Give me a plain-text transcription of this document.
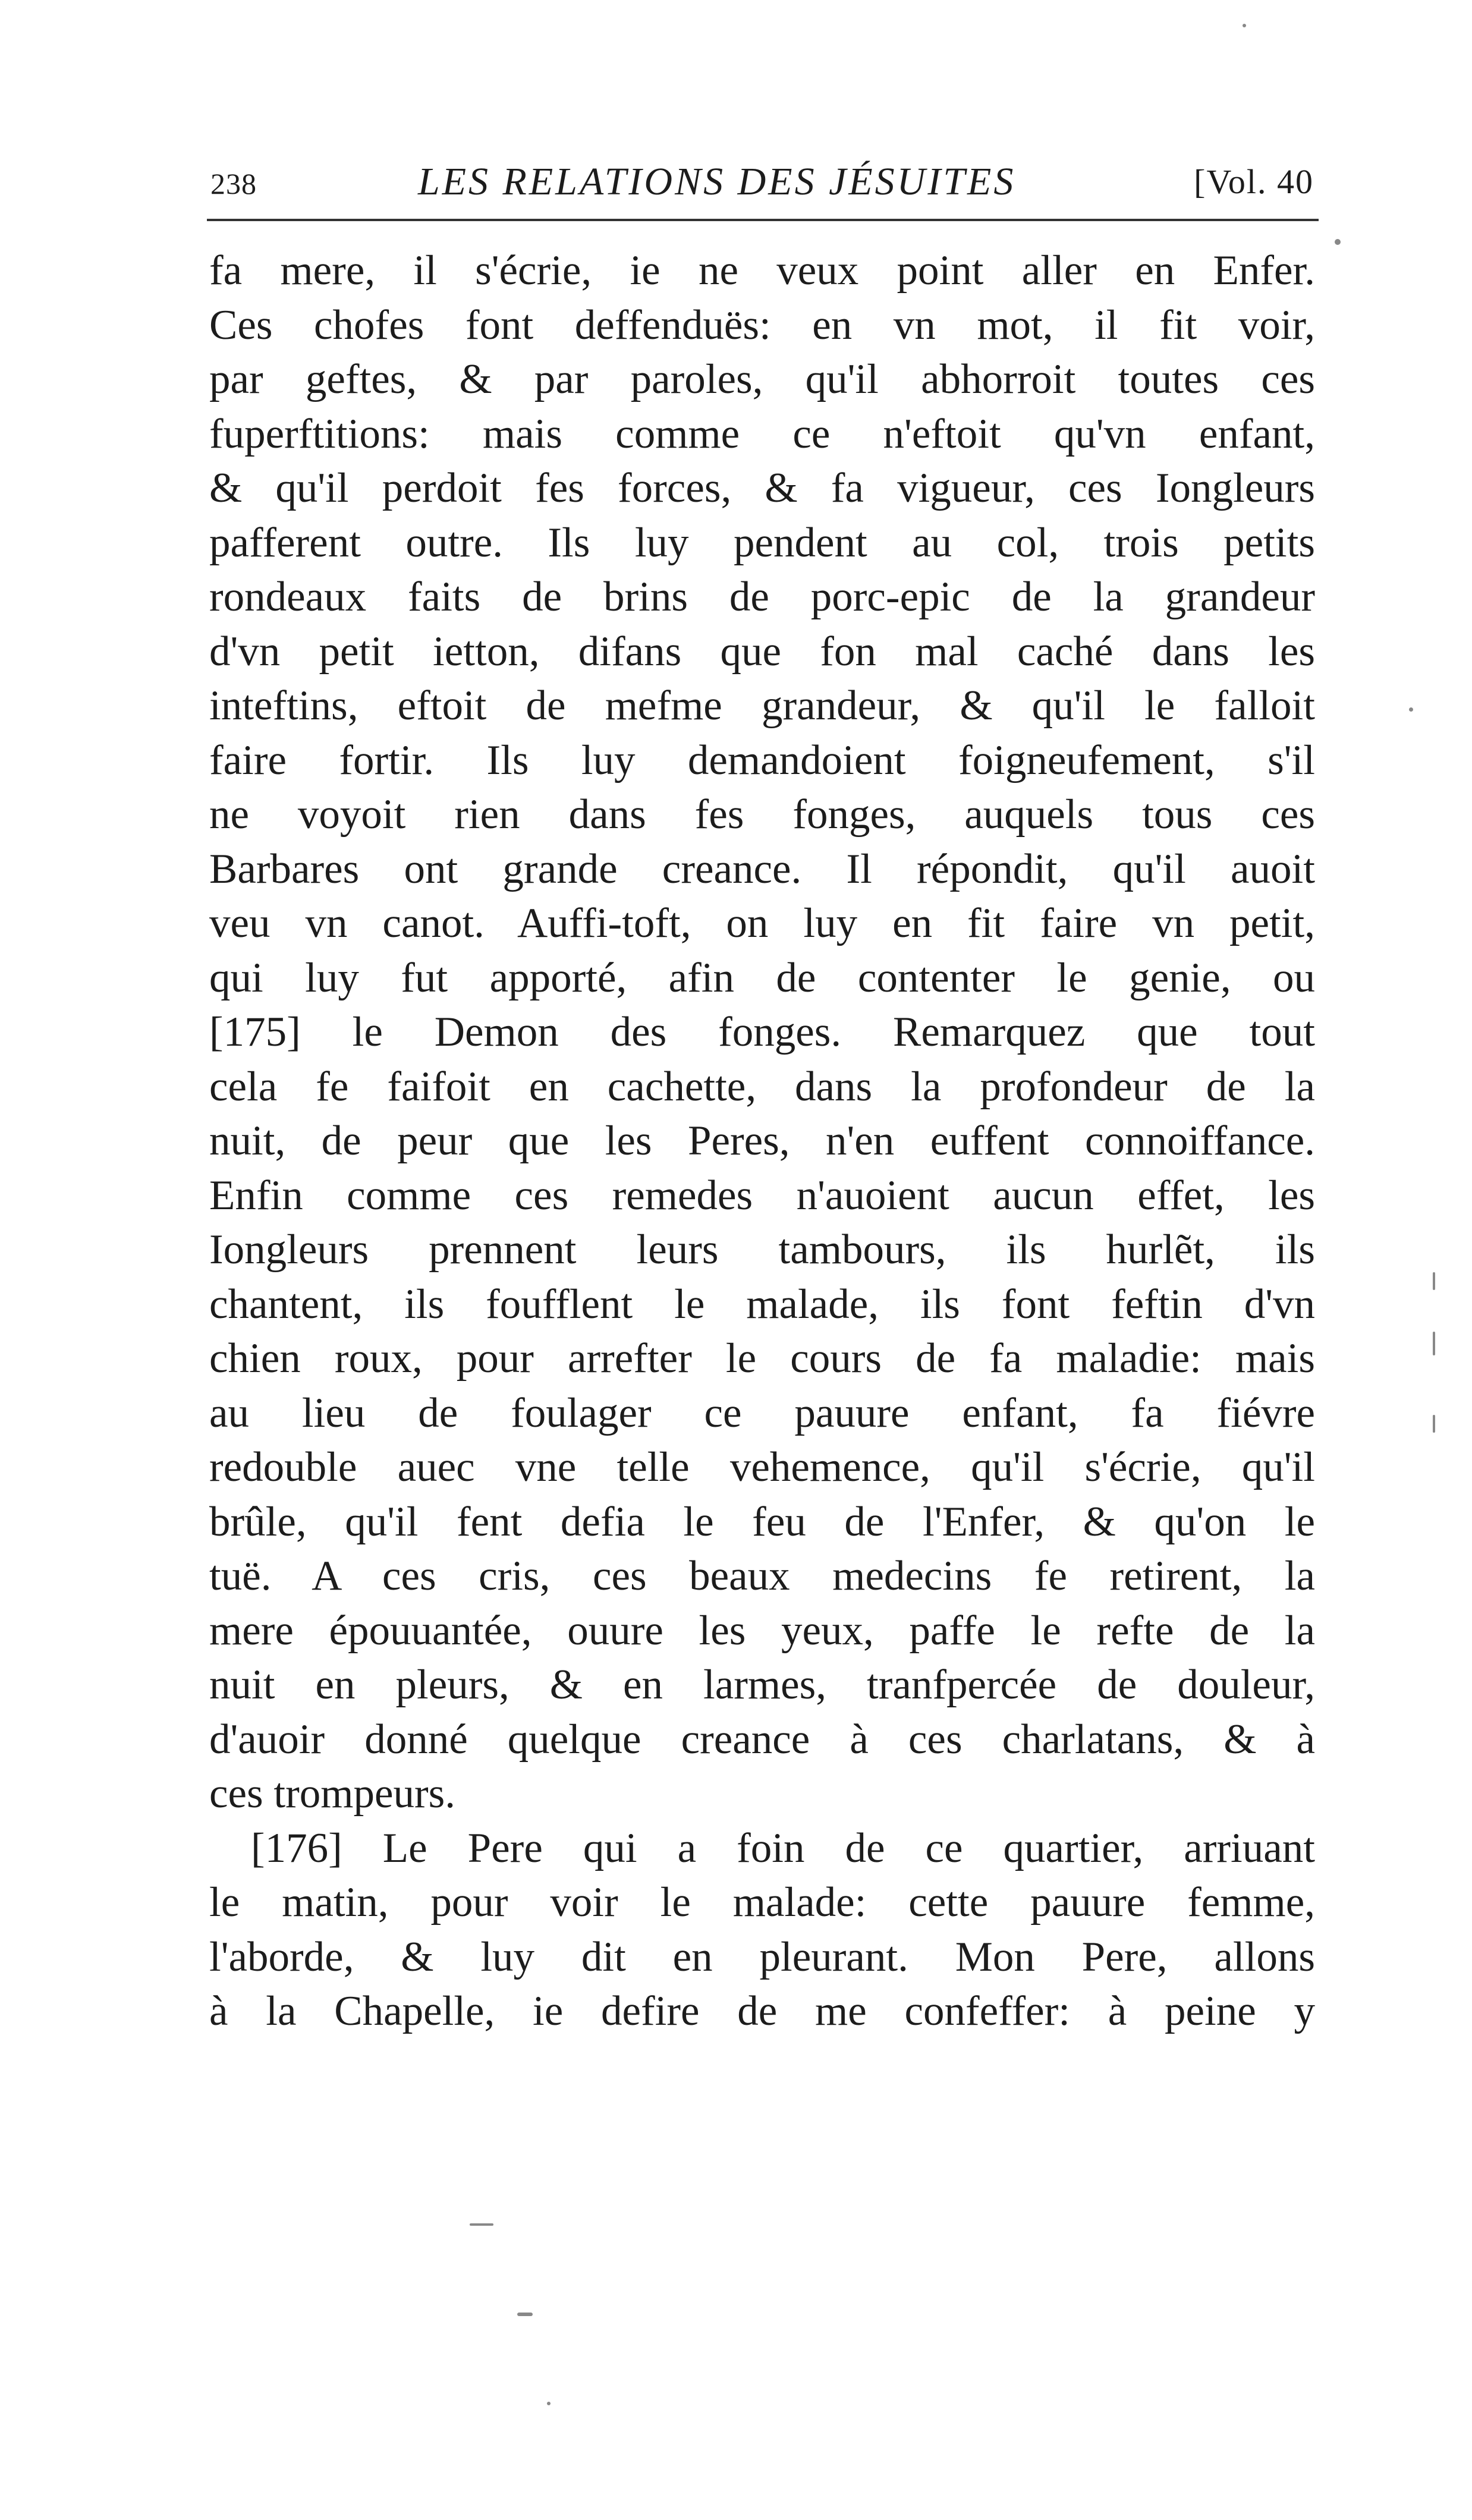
238	LES RELATIONS DES JÉSUITES	[Vol. 40
fa mere, il s'écrie, ie ne veux point aller en Enfer.
Ces chofes font deffenduës: en vn mot, il fit voir,
par geftes, & par paroles, qu'il abhorroit toutes ces
fuperftitions: mais comme ce n'eftoit qu'vn enfant,
& qu'il perdoit fes forces, & fa vigueur, ces Iongleurs
pafferent outre. Ils luy pendent au col, trois petits
rondeaux faits de brins de porc-epic de la grandeur
d'vn petit ietton, difans que fon mal caché dans les
inteftins, eftoit de mefme grandeur, & qu'il le falloit
faire fortir. Ils luy demandoient foigneufement, s'il
ne voyoit rien dans fes fonges, auquels tous ces
Barbares ont grande creance. Il répondit, qu'il auoit
veu vn canot. Auffi-toft, on luy en fit faire vn petit,
qui luy fut apporté, afin de contenter le genie, ou
[175] le Demon des fonges. Remarquez que tout
cela fe faifoit en cachette, dans la profondeur de la
nuit, de peur que les Peres, n'en euffent connoiffance.
Enfin comme ces remedes n'auoient aucun effet, les
Iongleurs prennent leurs tambours, ils hurlẽt, ils
chantent, ils foufflent le malade, ils font feftin d'vn
chien roux, pour arrefter le cours de fa maladie: mais
au lieu de foulager ce pauure enfant, fa fiévre
redouble auec vne telle vehemence, qu'il s'écrie, qu'il
brûle, qu'il fent defia le feu de l'Enfer, & qu'on le
tuë. A ces cris, ces beaux medecins fe retirent, la
mere épouuantée, ouure les yeux, paffe le refte de la
nuit en pleurs, & en larmes, tranfpercée de douleur,
d'auoir donné quelque creance à ces charlatans, & à
ces trompeurs.
[176] Le Pere qui a foin de ce quartier, arriuant
le matin, pour voir le malade: cette pauure femme,
l'aborde, & luy dit en pleurant. Mon Pere, allons
à la Chapelle, ie defire de me confeffer: à peine y
